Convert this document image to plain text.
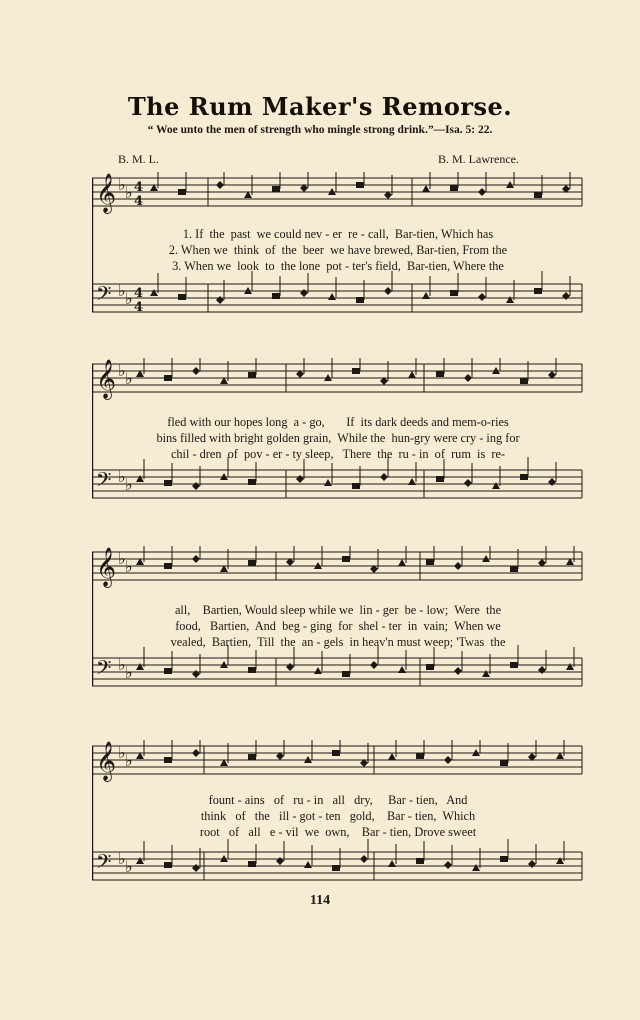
The Rum Maker's Remorse.
“ Woe unto the men of strength who mingle strong drink.”—Isa. 5: 22.
B. M. L.	B. M. Lawrence.
𝄞 ♭ ♭ 4
4
𝄢 ♭ ♭ 4
4
1. If  the  past  we could nev - er  re - call,  Bar-tien, Which has
2. When we  think  of  the  beer  we have brewed, Bar-tien, From the
3. When we  look  to  the lone  pot - ter's field,  Bar-tien, Where the
𝄞 ♭ ♭
𝄢 ♭ ♭
fled with our hopes long  a - go,       If  its dark deeds and mem-o-ries
bins filled with bright golden grain,  While the  hun-gry were cry - ing for
chil - dren  of  pov - er - ty sleep,   There  the  ru - in  of  rum  is  re-
𝄞 ♭ ♭
𝄢 ♭ ♭
all,    Bartien, Would sleep while we  lin - ger  be - low;  Were  the
food,   Bartien,  And  beg - ging  for  shel - ter  in  vain;  When we
vealed,  Bartien,  Till  the  an - gels  in heav'n must weep; 'Twas  the
𝄞 ♭ ♭
𝄢 ♭ ♭
fount - ains   of   ru - in   all   dry,     Bar - tien,   And
think   of   the   ill - got - ten   gold,    Bar - tien,  Which
root   of   all   e - vil  we  own,    Bar - tien, Drove sweet
114
